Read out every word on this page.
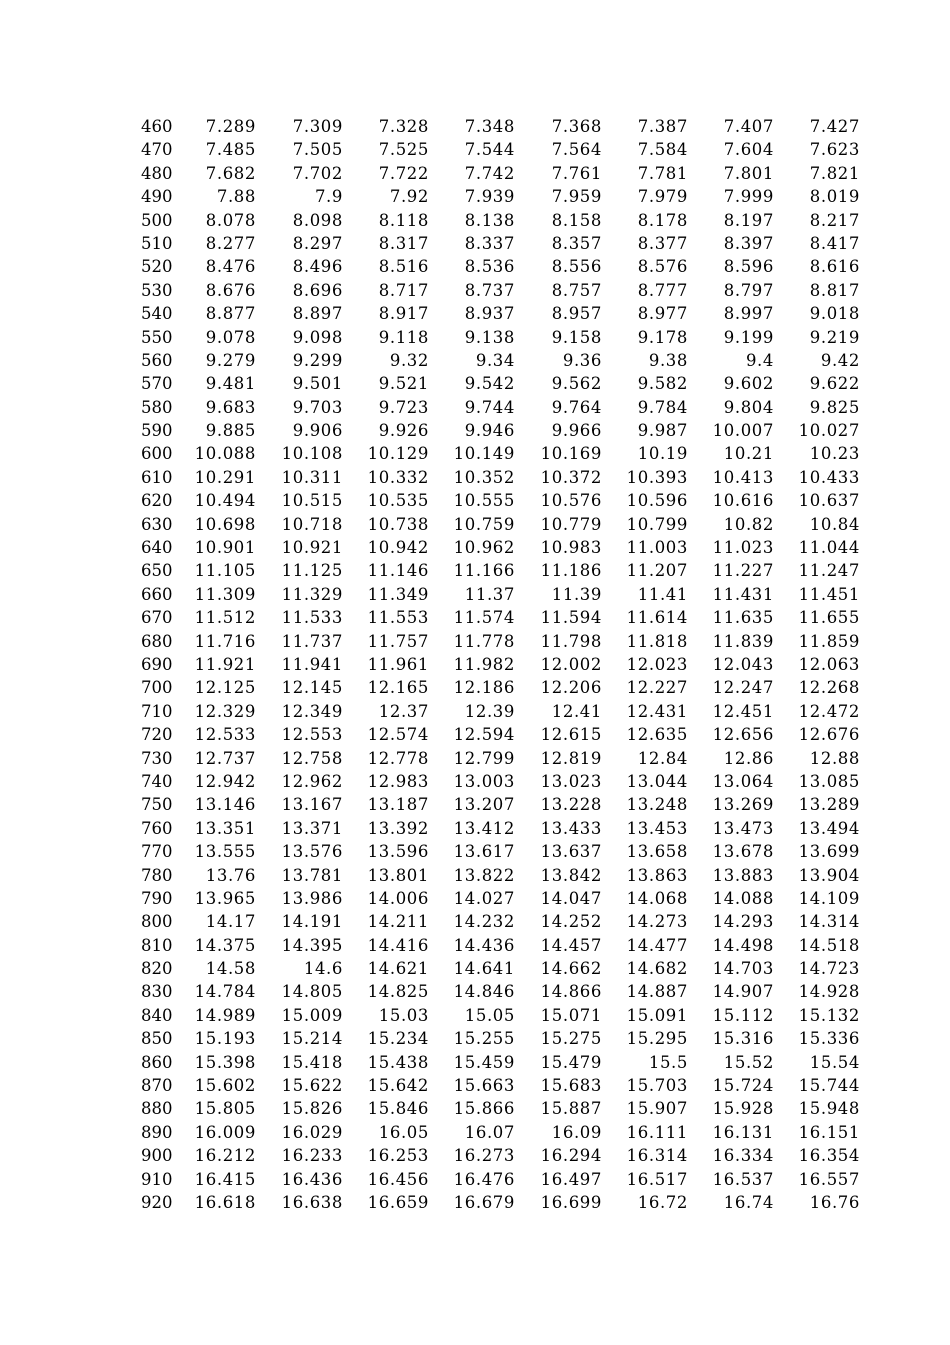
460	7.289	7.309	7.328	7.348	7.368	7.387	7.407	7.427
470	7.485	7.505	7.525	7.544	7.564	7.584	7.604	7.623
480	7.682	7.702	7.722	7.742	7.761	7.781	7.801	7.821
490	7.88	7.9	7.92	7.939	7.959	7.979	7.999	8.019
500	8.078	8.098	8.118	8.138	8.158	8.178	8.197	8.217
510	8.277	8.297	8.317	8.337	8.357	8.377	8.397	8.417
520	8.476	8.496	8.516	8.536	8.556	8.576	8.596	8.616
530	8.676	8.696	8.717	8.737	8.757	8.777	8.797	8.817
540	8.877	8.897	8.917	8.937	8.957	8.977	8.997	9.018
550	9.078	9.098	9.118	9.138	9.158	9.178	9.199	9.219
560	9.279	9.299	9.32	9.34	9.36	9.38	9.4	9.42
570	9.481	9.501	9.521	9.542	9.562	9.582	9.602	9.622
580	9.683	9.703	9.723	9.744	9.764	9.784	9.804	9.825
590	9.885	9.906	9.926	9.946	9.966	9.987	10.007	10.027
600	10.088	10.108	10.129	10.149	10.169	10.19	10.21	10.23
610	10.291	10.311	10.332	10.352	10.372	10.393	10.413	10.433
620	10.494	10.515	10.535	10.555	10.576	10.596	10.616	10.637
630	10.698	10.718	10.738	10.759	10.779	10.799	10.82	10.84
640	10.901	10.921	10.942	10.962	10.983	11.003	11.023	11.044
650	11.105	11.125	11.146	11.166	11.186	11.207	11.227	11.247
660	11.309	11.329	11.349	11.37	11.39	11.41	11.431	11.451
670	11.512	11.533	11.553	11.574	11.594	11.614	11.635	11.655
680	11.716	11.737	11.757	11.778	11.798	11.818	11.839	11.859
690	11.921	11.941	11.961	11.982	12.002	12.023	12.043	12.063
700	12.125	12.145	12.165	12.186	12.206	12.227	12.247	12.268
710	12.329	12.349	12.37	12.39	12.41	12.431	12.451	12.472
720	12.533	12.553	12.574	12.594	12.615	12.635	12.656	12.676
730	12.737	12.758	12.778	12.799	12.819	12.84	12.86	12.88
740	12.942	12.962	12.983	13.003	13.023	13.044	13.064	13.085
750	13.146	13.167	13.187	13.207	13.228	13.248	13.269	13.289
760	13.351	13.371	13.392	13.412	13.433	13.453	13.473	13.494
770	13.555	13.576	13.596	13.617	13.637	13.658	13.678	13.699
780	13.76	13.781	13.801	13.822	13.842	13.863	13.883	13.904
790	13.965	13.986	14.006	14.027	14.047	14.068	14.088	14.109
800	14.17	14.191	14.211	14.232	14.252	14.273	14.293	14.314
810	14.375	14.395	14.416	14.436	14.457	14.477	14.498	14.518
820	14.58	14.6	14.621	14.641	14.662	14.682	14.703	14.723
830	14.784	14.805	14.825	14.846	14.866	14.887	14.907	14.928
840	14.989	15.009	15.03	15.05	15.071	15.091	15.112	15.132
850	15.193	15.214	15.234	15.255	15.275	15.295	15.316	15.336
860	15.398	15.418	15.438	15.459	15.479	15.5	15.52	15.54
870	15.602	15.622	15.642	15.663	15.683	15.703	15.724	15.744
880	15.805	15.826	15.846	15.866	15.887	15.907	15.928	15.948
890	16.009	16.029	16.05	16.07	16.09	16.111	16.131	16.151
900	16.212	16.233	16.253	16.273	16.294	16.314	16.334	16.354
910	16.415	16.436	16.456	16.476	16.497	16.517	16.537	16.557
920	16.618	16.638	16.659	16.679	16.699	16.72	16.74	16.76
